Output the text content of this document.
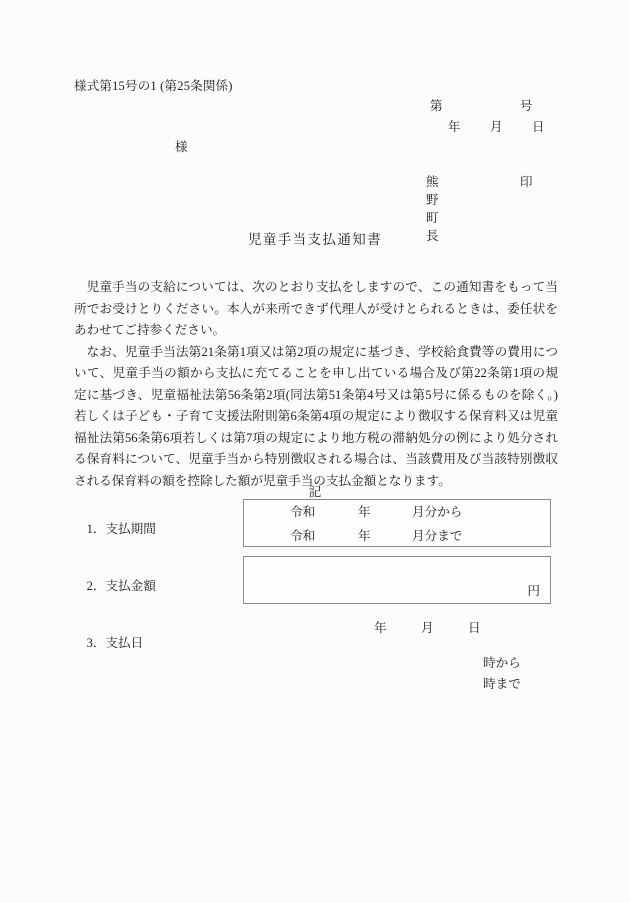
様式第15号の1 (第25条関係)
第	号
年 月 日
様
熊野町長
印
児童手当支払通知書

児童手当の支給については、次のとおり支払をしますので、この通知書をもって当所でお受けとりください。本人が来所できず代理人が受けとられるときは、委任状をあわせてご持参ください。

なお、児童手当法第21条第1項又は第2項の規定に基づき、学校給食費等の費用について、児童手当の額から支払に充てることを申し出ている場合及び第22条第1項の規定に基づき、児童福祉法第56条第2項(同法第51条第4号又は第5号に係るものを除く。)若しくは子ども・子育て支援法附則第6条第4項の規定により徴収する保育料又は児童福祉法第56条第6項若しくは第7項の規定により地方税の滞納処分の例により処分される保育料について、児童手当から特別徴収される場合は、当該費用及び当該特別徴収される保育料の額を控除した額が児童手当の支払金額となります。

記

1．支払期間

令和	年	月分から
令和	年	月分まで

2．支払金額
	円

3．支払日

年	月	日
時から
時まで
